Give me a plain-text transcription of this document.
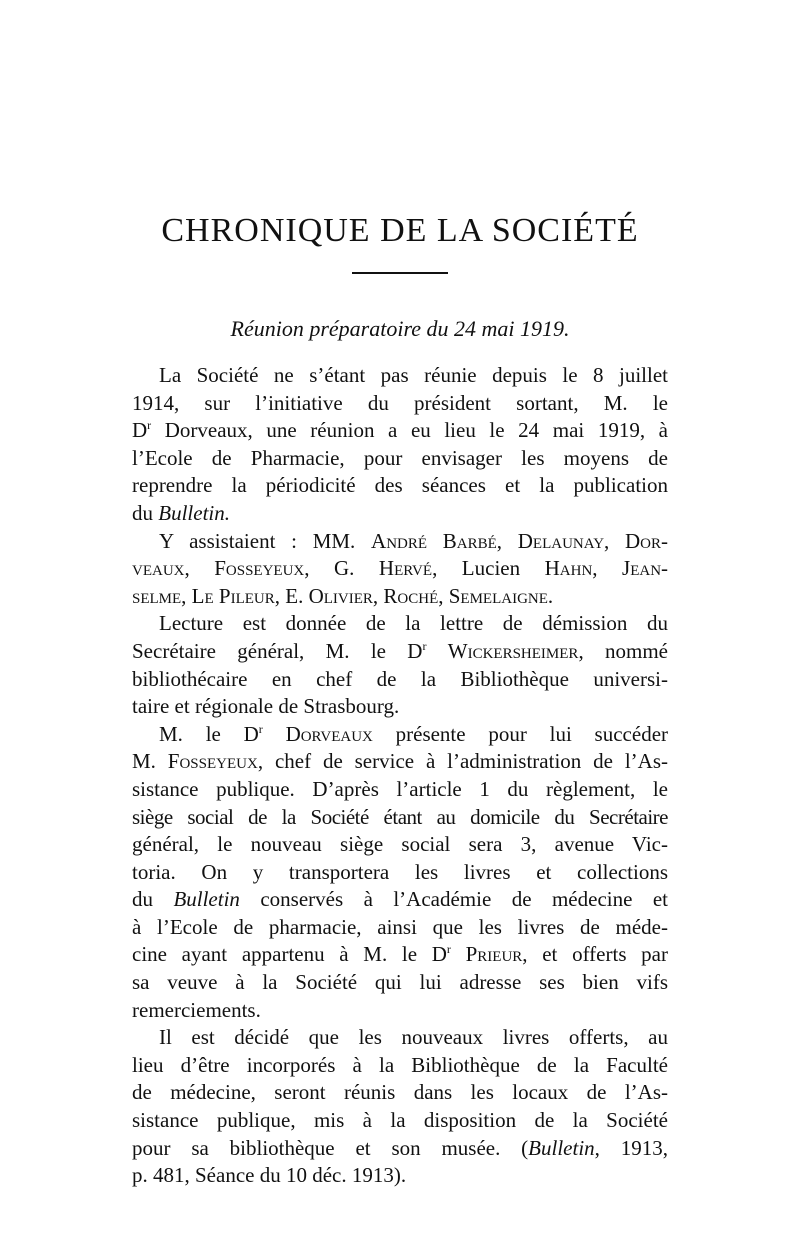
CHRONIQUE DE LA SOCIÉTÉ
Réunion préparatoire du 24 mai 1919.
La Société ne s’étant pas réunie depuis le 8 juillet
1914, sur l’initiative du président sortant, M. le
$D^r$ Dorveaux, une réunion a eu lieu le 24 mai 1919, à
l’Ecole de Pharmacie, pour envisager les moyens de
reprendre la périodicité des séances et la publication
du Bulletin.
Y assistaient : MM. André Barbé, Delaunay, Dor-
veaux, Fosseyeux, G. Hervé, Lucien Hahn, Jean-
selme, Le Pileur, E. Olivier, Roché, Semelaigne.
Lecture est donnée de la lettre de démission du
Secrétaire général, M. le $D^r$ Wickersheimer, nommé
bibliothécaire en chef de la Bibliothèque universi-
taire et régionale de Strasbourg.
M. le $D^r$ Dorveaux présente pour lui succéder
M. Fosseyeux, chef de service à l’administration de l’As-
sistance publique. D’après l’article 1 du règlement, le
siège social de la Société étant au domicile du Secrétaire
général, le nouveau siège social sera 3, avenue Vic-
toria. On y transportera les livres et collections
du Bulletin conservés à l’Académie de médecine et
à l’Ecole de pharmacie, ainsi que les livres de méde-
cine ayant appartenu à M. le $D^r$ Prieur, et offerts par
sa veuve à la Société qui lui adresse ses bien vifs
remerciements.
Il est décidé que les nouveaux livres offerts, au
lieu d’être incorporés à la Bibliothèque de la Faculté
de médecine, seront réunis dans les locaux de l’As-
sistance publique, mis à la disposition de la Société
pour sa bibliothèque et son musée. (Bulletin, 1913,
p. 481, Séance du 10 déc. 1913).
